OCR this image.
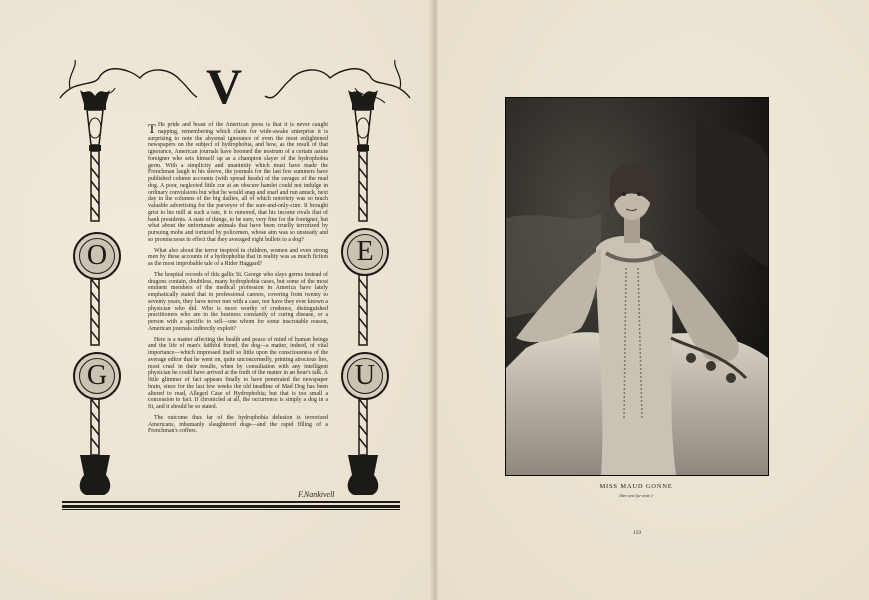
V
O
G
E
U

T He pride and boast of the American press is that it is never caught napping, remembering which claim for wide-awake enterprise it is surprising to note the abysmal ignorance of even the most enlightened newspapers on the subject of hydrophobia, and how, as the result of that ignorance, American journals have boomed the nostrum of a certain astute foreigner who sets himself up as a champion slayer of the hydrophobia germ. With a simplicity and unanimity which must have made the Frenchman laugh in his sleeve, the journals for the last few summers have published column accounts (with spread heads) of the ravages of the mad dog. A poor, neglected little cur at an obscure hamlet could not indulge in ordinary convulsions but what he would snap and snarl and run amuck, next day in the columns of the big dailies, all of which notoriety was so much valuable advertising for the purveyor of the sure-and-only-cure. It brought grist to his mill at such a rate, it is rumored, that his income rivals that of bank presidents. A state of things, to be sure, very fine for the foreigner, but what about the unfortunate animals that have been cruelly terrorized by pursuing mobs and tortured by policemen, whose aim was so unsteady and so promiscuous in effect that they averaged eight bullets to a dog?

What also about the terror inspired in children, women and even strong men by these accounts of a hydrophobia that in reality was as much fiction as the most improbable tale of a Rider Haggard?

The hospital records of this gallic St. George who slays germs instead of dragons contain, doubtless, many hydrophobia cases, but some of the most eminent members of the medical profession in America have lately emphatically stated that in professional careers, covering from twenty to seventy years, they have never met with a case, nor have they ever known a physician who did. Who is more worthy of credence, distinguished practitioners who are in the business constantly of curing disease, or a person with a specific to sell—one whom for some inscrutable reason, American journals indirectly exploit?

Here is a matter affecting the health and peace of mind of human beings and the life of man's faithful friend, the dog—a matter, indeed, of vital importance—which impressed itself so little upon the consciousness of the average editor that he went on, quite unconcernedly, printing atrocious lies, most cruel in their results, when by consultation with any intelligent physician he could have arrived at the truth of the matter in an hour's talk. A little glimmer of fact appears finally to have penetrated the newspaper brain, since for the last few weeks the old headline of Mad Dog has been altered to read, Alleged Case of Hydrophobia; but that is too small a concession to fact. If chronicled at all, the occurrence is simply a dog in a fit, and it should be so stated.

The outcome thus far of the hydrophobia delusion is terrorized Americans, inhumanly slaughtered dogs—and the rapid filling of a Frenchman's coffers.

F.Nankivell
MISS MAUD GONNE
(See text for note.)
159
